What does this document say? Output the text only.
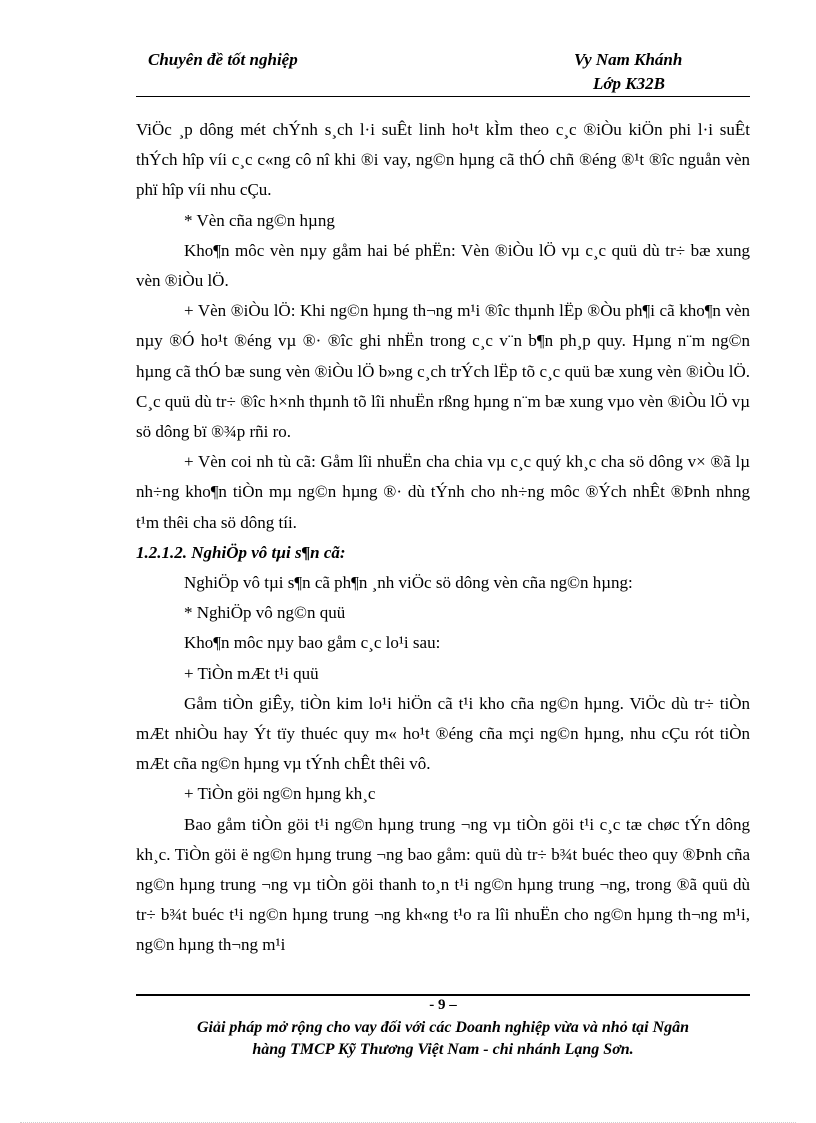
Chuyên đề tốt nghiệp	Vy Nam Khánh
Lớp K32B

ViÖc ¸p dông mét chÝnh s¸ch l·i suÊt linh ho¹t kÌm theo c¸c ®iÒu kiÖn phi l·i suÊt thÝch hîp víi c¸c c«ng cô nî khi ®i vay, ng©n hµng cã thÓ chñ ®éng ®¹t ®îc nguån vèn phï hîp víi nhu cÇu.

* Vèn cña ng©n hµng

Kho¶n môc vèn nµy gåm hai bé phËn: Vèn ®iÒu lÖ vµ c¸c quü dù tr÷ bæ xung vèn ®iÒu lÖ.

+ Vèn ®iÒu lÖ: Khi ng©n hµng th¬ng m¹i ®îc thµnh lËp ®Òu ph¶i cã kho¶n vèn nµy ®Ó ho¹t ®éng vµ ®· ®îc ghi nhËn trong c¸c v¨n b¶n ph¸p quy. Hµng n¨m ng©n hµng cã thÓ bæ sung vèn ®iÒu lÖ b»ng c¸ch trÝch lËp tõ c¸c quü bæ xung vèn ®iÒu lÖ. C¸c quü dù tr÷ ®îc h×nh thµnh tõ lîi nhuËn rßng hµng n¨m bæ xung vµo vèn ®iÒu lÖ vµ sö dông bï ®¾p rñi ro.

+ Vèn coi nh tù cã: Gåm lîi nhuËn cha chia vµ c¸c quý kh¸c cha sö dông v× ®ã lµ nh÷ng kho¶n tiÒn mµ ng©n hµng ®· dù tÝnh cho nh÷ng môc ®Ých nhÊt ®Þnh nhng t¹m thêi cha sö dông tíi.

1.2.1.2. NghiÖp vô tµi s¶n cã:

NghiÖp vô tµi s¶n cã ph¶n ¸nh viÖc sö dông vèn cña ng©n hµng:

* NghiÖp vô ng©n quü

Kho¶n môc nµy bao gåm c¸c lo¹i sau:

+ TiÒn mÆt t¹i quü

Gåm tiÒn giÊy, tiÒn kim lo¹i hiÖn cã t¹i kho cña ng©n hµng. ViÖc dù tr÷ tiÒn mÆt nhiÒu hay Ýt tïy thuéc quy m« ho¹t ®éng cña mçi ng©n hµng, nhu cÇu rót tiÒn mÆt cña ng©n hµng vµ tÝnh chÊt thêi vô.

+ TiÒn göi ng©n hµng kh¸c

Bao gåm tiÒn göi t¹i ng©n hµng trung ¬ng vµ tiÒn göi t¹i c¸c tæ chøc tÝn dông kh¸c. TiÒn göi ë ng©n hµng trung ¬ng bao gåm: quü dù tr÷ b¾t buéc theo quy ®Þnh cña ng©n hµng trung ¬ng vµ tiÒn göi thanh to¸n t¹i ng©n hµng trung ¬ng, trong ®ã quü dù tr÷ b¾t buéc t¹i ng©n hµng trung ¬ng kh«ng t¹o ra lîi nhuËn cho ng©n hµng th¬ng m¹i, ng©n hµng th¬ng m¹i

- 9 –
Giải pháp mở rộng cho vay đối với các Doanh nghiệp vừa và nhỏ tại Ngân
hàng TMCP Kỹ Thương Việt Nam - chi nhánh Lạng Sơn.
